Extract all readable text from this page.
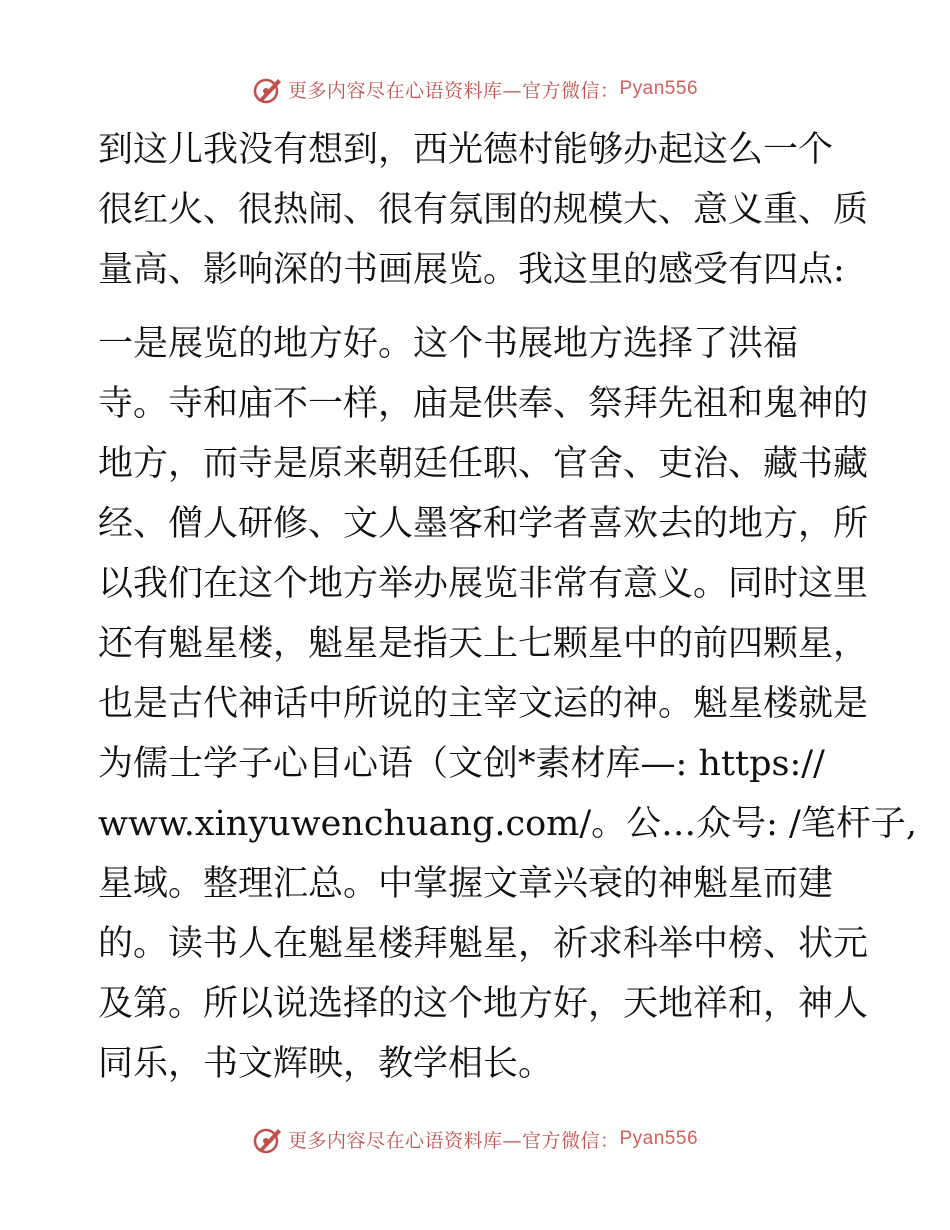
更多内容尽在心语资料库—官方微信： Pyan556
到这儿我没有想到，西光德村能够办起这么一个
很红火、很热闹、很有氛围的规模大、意义重、质
量高、影响深的书画展览。我这里的感受有四点:
一是展览的地方好。这个书展地方选择了洪福
寺。寺和庙不一样，庙是供奉、祭拜先祖和鬼神的
地方，而寺是原来朝廷任职、官舍、吏治、藏书藏
经、僧人研修、文人墨客和学者喜欢去的地方，所
以我们在这个地方举办展览非常有意义。同时这里
还有魁星楼，魁星是指天上七颗星中的前四颗星，
也是古代神话中所说的主宰文运的神。魁星楼就是
为儒士学子心目心语（文创*素材库—: https://
www.xinyuwenchuang.com/。公…众号: /笔杆子,
星域。整理汇总。中掌握文章兴衰的神魁星而建
的。读书人在魁星楼拜魁星，祈求科举中榜、状元
及第。所以说选择的这个地方好，天地祥和，神人
同乐，书文辉映，教学相长。
更多内容尽在心语资料库—官方微信： Pyan556
